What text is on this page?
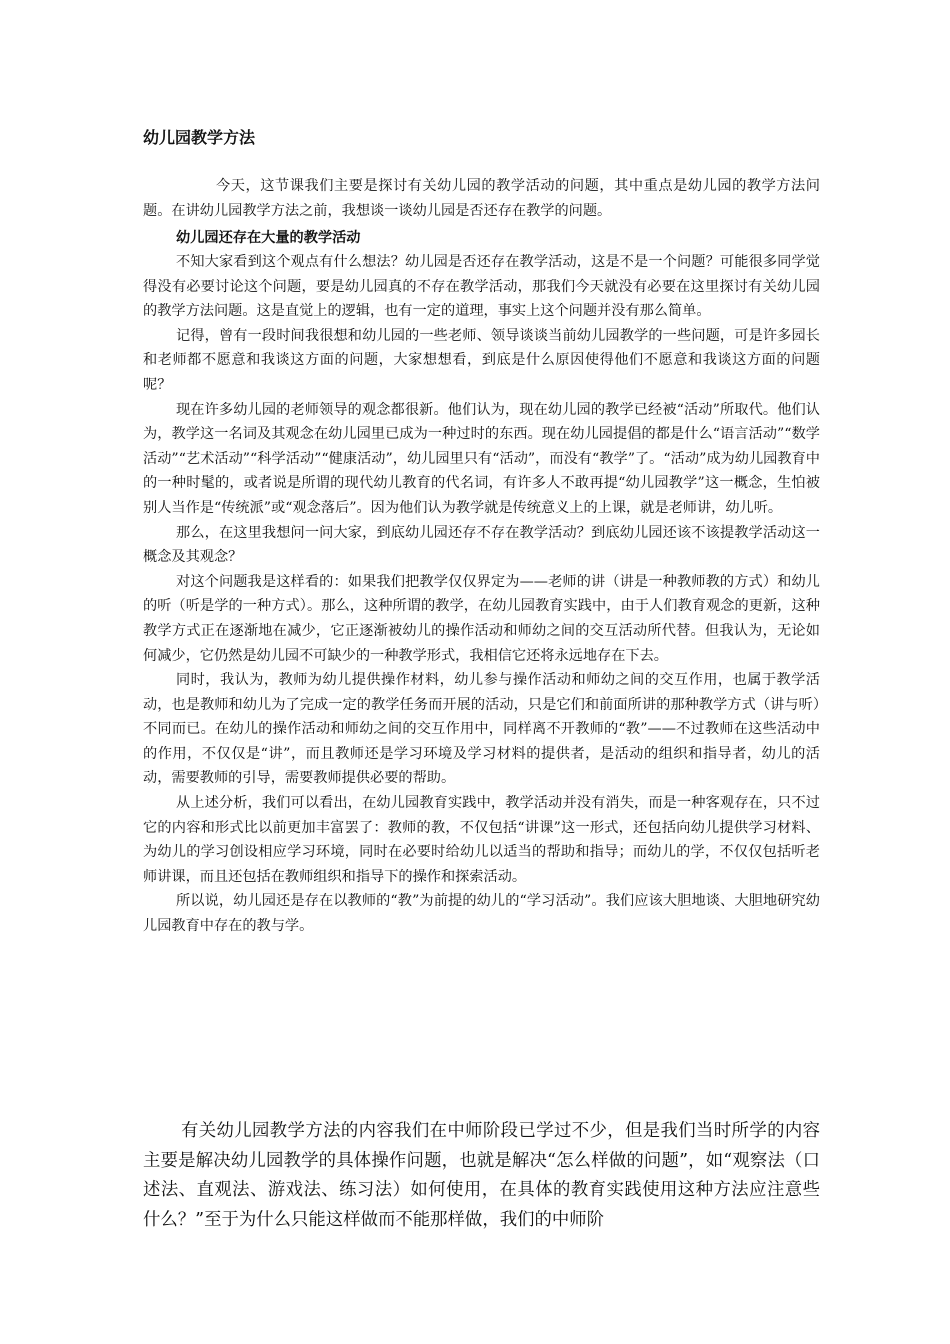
幼儿园教学方法

今天，这节课我们主要是探讨有关幼儿园的教学活动的问题，其中重点是幼儿园的教学方法问题。在讲幼儿园教学方法之前，我想谈一谈幼儿园是否还存在教学的问题。

幼儿园还存在大量的教学活动

不知大家看到这个观点有什么想法？幼儿园是否还存在教学活动，这是不是一个问题？可能很多同学觉得没有必要讨论这个问题，要是幼儿园真的不存在教学活动，那我们今天就没有必要在这里探讨有关幼儿园的教学方法问题。这是直觉上的逻辑，也有一定的道理，事实上这个问题并没有那么简单。

记得，曾有一段时间我很想和幼儿园的一些老师、领导谈谈当前幼儿园教学的一些问题，可是许多园长和老师都不愿意和我谈这方面的问题，大家想想看，到底是什么原因使得他们不愿意和我谈这方面的问题呢？

现在许多幼儿园的老师领导的观念都很新。他们认为，现在幼儿园的教学已经被“活动”所取代。他们认为，教学这一名词及其观念在幼儿园里已成为一种过时的东西。现在幼儿园提倡的都是什么“语言活动”“数学活动”“艺术活动”“科学活动”“健康活动”，幼儿园里只有“活动”，而没有“教学”了。“活动”成为幼儿园教育中的一种时髦的，或者说是所谓的现代幼儿教育的代名词，有许多人不敢再提“幼儿园教学”这一概念，生怕被别人当作是“传统派”或“观念落后”。因为他们认为教学就是传统意义上的上课，就是老师讲，幼儿听。

那么，在这里我想问一问大家，到底幼儿园还存不存在教学活动？到底幼儿园还该不该提教学活动这一概念及其观念？

对这个问题我是这样看的：如果我们把教学仅仅界定为——老师的讲（讲是一种教师教的方式）和幼儿的听（听是学的一种方式）。那么，这种所谓的教学，在幼儿园教育实践中，由于人们教育观念的更新，这种教学方式正在逐渐地在减少，它正逐渐被幼儿的操作活动和师幼之间的交互活动所代替。但我认为，无论如何减少，它仍然是幼儿园不可缺少的一种教学形式，我相信它还将永远地存在下去。

同时，我认为，教师为幼儿提供操作材料，幼儿参与操作活动和师幼之间的交互作用，也属于教学活动，也是教师和幼儿为了完成一定的教学任务而开展的活动，只是它们和前面所讲的那种教学方式（讲与听）不同而已。在幼儿的操作活动和师幼之间的交互作用中，同样离不开教师的“教”——不过教师在这些活动中的作用，不仅仅是“讲”，而且教师还是学习环境及学习材料的提供者，是活动的组织和指导者，幼儿的活动，需要教师的引导，需要教师提供必要的帮助。

从上述分析，我们可以看出，在幼儿园教育实践中，教学活动并没有消失，而是一种客观存在，只不过它的内容和形式比以前更加丰富罢了：教师的教，不仅包括“讲课”这一形式，还包括向幼儿提供学习材料、为幼儿的学习创设相应学习环境，同时在必要时给幼儿以适当的帮助和指导；而幼儿的学，不仅仅包括听老师讲课，而且还包括在教师组织和指导下的操作和探索活动。

所以说，幼儿园还是存在以教师的“教”为前提的幼儿的“学习活动”。我们应该大胆地谈、大胆地研究幼儿园教育中存在的教与学。

有关幼儿园教学方法的内容我们在中师阶段已学过不少，但是我们当时所学的内容主要是解决幼儿园教学的具体操作问题，也就是解决“怎么样做的问题”，如“观察法（口述法、直观法、游戏法、练习法）如何使用，在具体的教育实践使用这种方法应注意些什么？”至于为什么只能这样做而不能那样做，我们的中师阶
